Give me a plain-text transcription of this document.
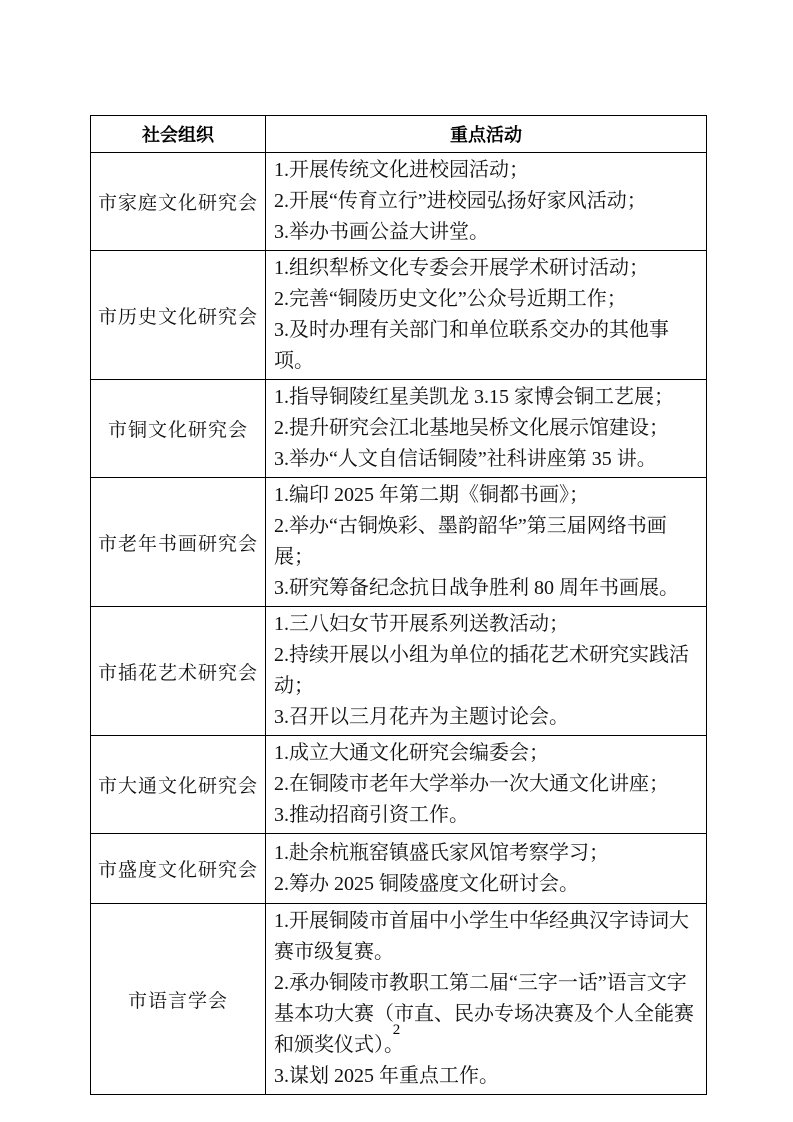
社会组织	重点活动
市家庭文化研究会	1.开展传统文化进校园活动；

2.开展“传育立行”进校园弘扬好家风活动；

3.举办书画公益大讲堂。

市历史文化研究会	1.组织犁桥文化专委会开展学术研讨活动；

2.完善“铜陵历史文化”公众号近期工作；

3.及时办理有关部门和单位联系交办的其他事项。

市铜文化研究会	1.指导铜陵红星美凯龙 3.15 家博会铜工艺展；

2.提升研究会江北基地吴桥文化展示馆建设；

3.举办“人文自信话铜陵”社科讲座第 35 讲。

市老年书画研究会	1.编印 2025 年第二期《铜都书画》；

2.举办“古铜焕彩、墨韵韶华”第三届网络书画展；

3.研究筹备纪念抗日战争胜利 80 周年书画展。

市插花艺术研究会	1.三八妇女节开展系列送教活动；

2.持续开展以小组为单位的插花艺术研究实践活动；

3.召开以三月花卉为主题讨论会。

市大通文化研究会	1.成立大通文化研究会编委会；

2.在铜陵市老年大学举办一次大通文化讲座；

3.推动招商引资工作。

市盛度文化研究会	1.赴余杭瓶窑镇盛氏家风馆考察学习；

2.筹办 2025 铜陵盛度文化研讨会。

市语言学会	1.开展铜陵市首届中小学生中华经典汉字诗词大赛市级复赛。

2.承办铜陵市教职工第二届“三字一话”语言文字基本功大赛（市直、民办专场决赛及个人全能赛和颁奖仪式）。

3.谋划 2025 年重点工作。

2
